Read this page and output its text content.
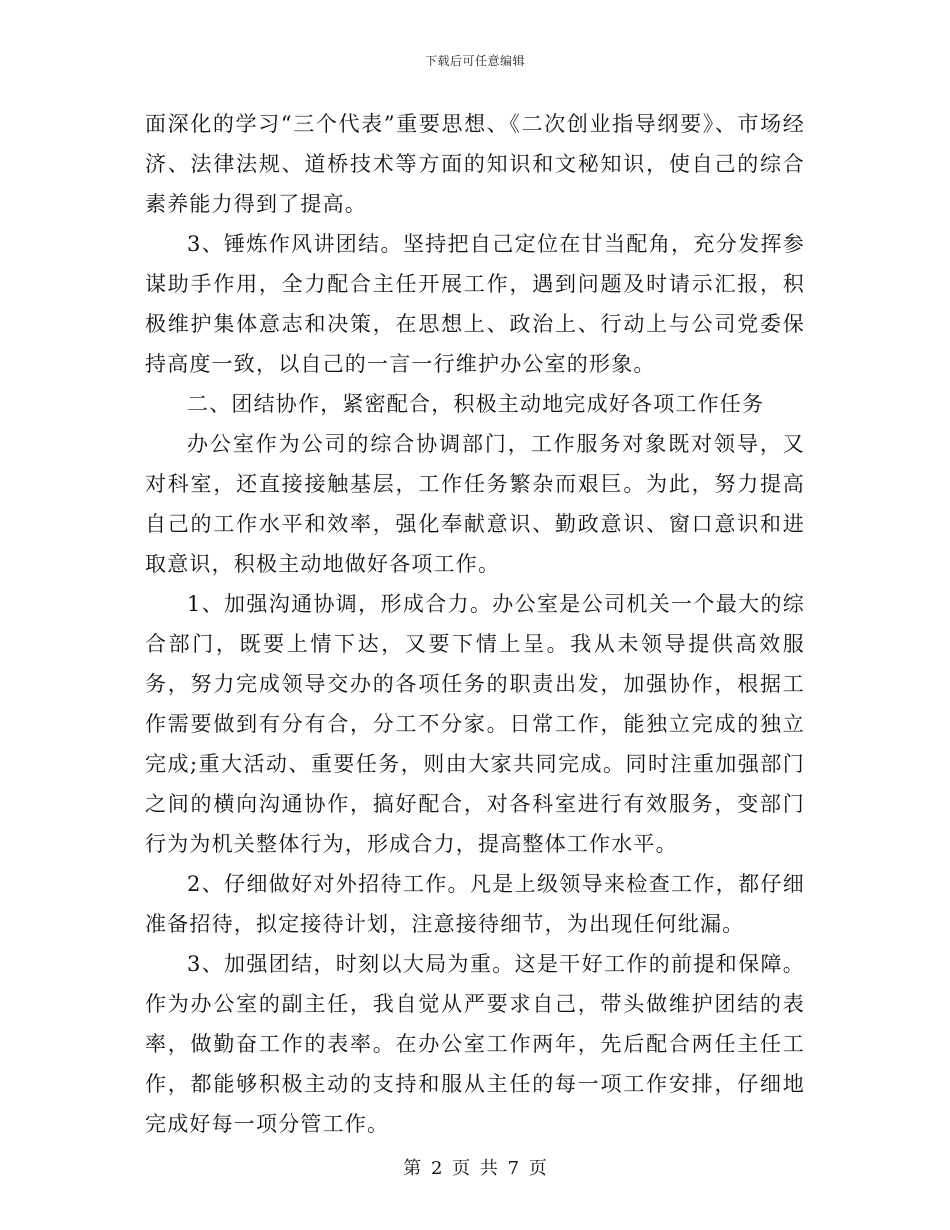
下载后可任意编辑

面深化的学习“三个代表”重要思想、《二次创业指导纲要》、市场经济、法律法规、道桥技术等方面的知识和文秘知识，使自己的综合素养能力得到了提高。

3、锤炼作风讲团结。坚持把自己定位在甘当配角，充分发挥参谋助手作用，全力配合主任开展工作，遇到问题及时请示汇报，积极维护集体意志和决策，在思想上、政治上、行动上与公司党委保持高度一致，以自己的一言一行维护办公室的形象。

二、团结协作，紧密配合，积极主动地完成好各项工作任务

办公室作为公司的综合协调部门，工作服务对象既对领导，又对科室，还直接接触基层，工作任务繁杂而艰巨。为此，努力提高自己的工作水平和效率，强化奉献意识、勤政意识、窗口意识和进取意识，积极主动地做好各项工作。

1、加强沟通协调，形成合力。办公室是公司机关一个最大的综合部门，既要上情下达，又要下情上呈。我从未领导提供高效服务，努力完成领导交办的各项任务的职责出发，加强协作，根据工作需要做到有分有合，分工不分家。日常工作，能独立完成的独立完成;重大活动、重要任务，则由大家共同完成。同时注重加强部门之间的横向沟通协作，搞好配合，对各科室进行有效服务，变部门行为为机关整体行为，形成合力，提高整体工作水平。

2、仔细做好对外招待工作。凡是上级领导来检查工作，都仔细准备招待，拟定接待计划，注意接待细节，为出现任何纰漏。

3、加强团结，时刻以大局为重。这是干好工作的前提和保障。作为办公室的副主任，我自觉从严要求自己，带头做维护团结的表率，做勤奋工作的表率。在办公室工作两年，先后配合两任主任工作，都能够积极主动的支持和服从主任的每一项工作安排，仔细地完成好每一项分管工作。

第 2 页 共 7 页
